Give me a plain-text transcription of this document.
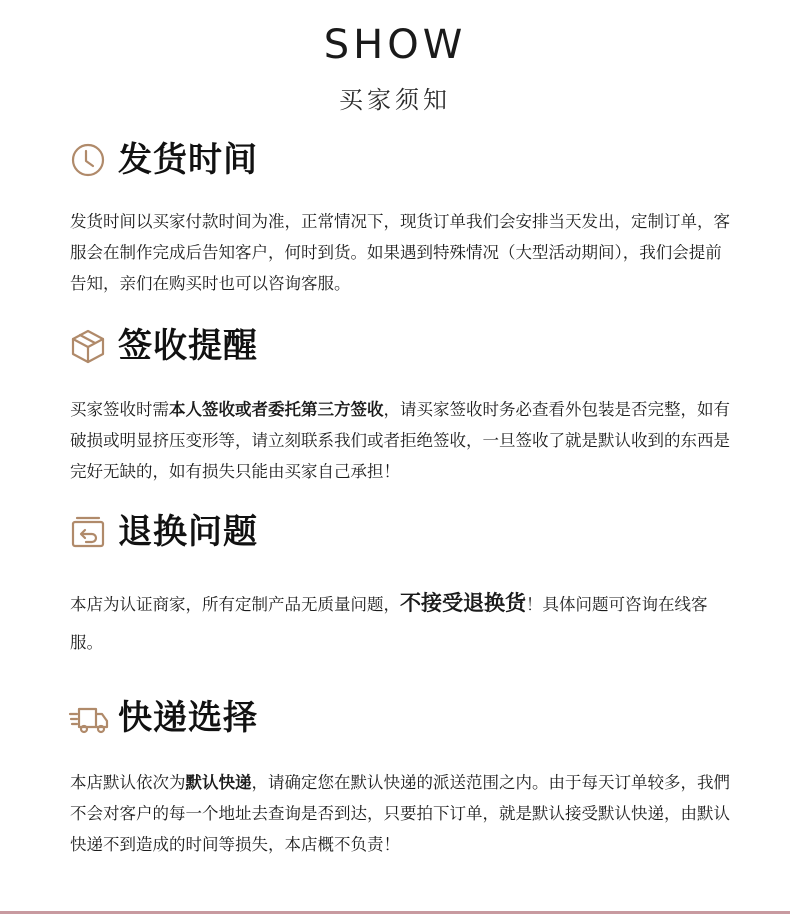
SHOW
买家须知
发货时间
发货时间以买家付款时间为准，正常情况下，现货订单我们会安排当天发出，定制订单，客服会在制作完成后告知客户，何时到货。如果遇到特殊情况（大型活动期间），我们会提前告知，亲们在购买时也可以咨询客服。
签收提醒
买家签收时需本人签收或者委托第三方签收，请买家签收时务必查看外包装是否完整，如有破损或明显挤压变形等，请立刻联系我们或者拒绝签收，一旦签收了就是默认收到的东西是完好无缺的，如有损失只能由买家自己承担！
退换问题
本店为认证商家，所有定制产品无质量问题，不接受退换货！具体问题可咨询在线客服。
快递选择
本店默认依次为默认快递，请确定您在默认快递的派送范围之内。由于每天订单较多，我們不会对客户的每一个地址去查询是否到达，只要拍下订单，就是默认接受默认快递，由默认快递不到造成的时间等损失，本店概不负责！
